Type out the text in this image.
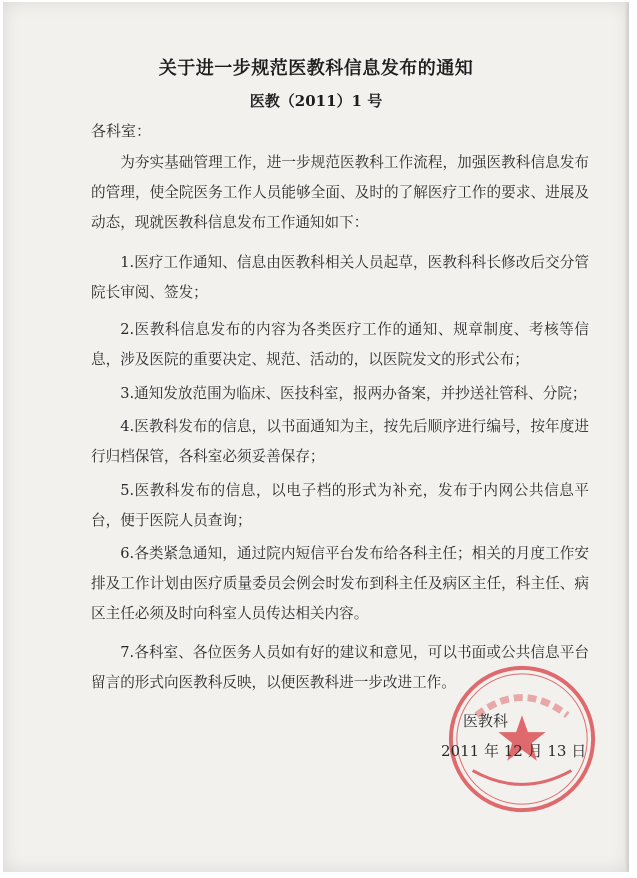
关于进一步规范医教科信息发布的通知
医教（2011）1 号
各科室：

为夯实基础管理工作，进一步规范医教科工作流程，加强医教科信息发布的管理，使全院医务工作人员能够全面、及时的了解医疗工作的要求、进展及动态，现就医教科信息发布工作通知如下：

1.医疗工作通知、信息由医教科相关人员起草，医教科科长修改后交分管院长审阅、签发；

2.医教科信息发布的内容为各类医疗工作的通知、规章制度、考核等信息，涉及医院的重要决定、规范、活动的，以医院发文的形式公布；

3.通知发放范围为临床、医技科室，报两办备案，并抄送社管科、分院；

4.医教科发布的信息，以书面通知为主，按先后顺序进行编号，按年度进行归档保管，各科室必须妥善保存；

5.医教科发布的信息，以电子档的形式为补充，发布于内网公共信息平台，便于医院人员查询；

6.各类紧急通知，通过院内短信平台发布给各科主任；相关的月度工作安排及工作计划由医疗质量委员会例会时发布到科主任及病区主任，科主任、病区主任必须及时向科室人员传达相关内容。

7.各科室、各位医务人员如有好的建议和意见，可以书面或公共信息平台留言的形式向医教科反映，以便医教科进一步改进工作。

医教科
2011 年 12 月 13 日
